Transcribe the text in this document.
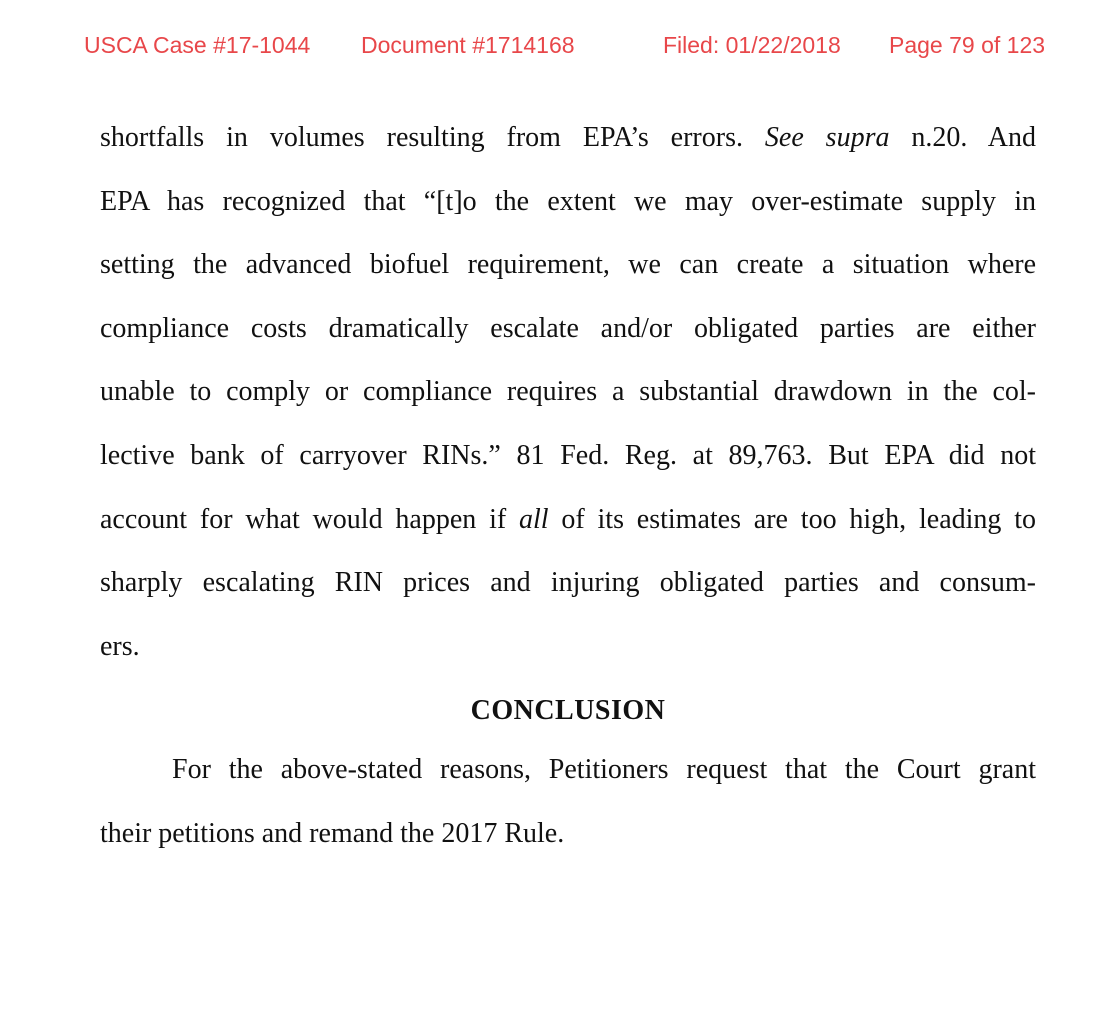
USCA Case #17-1044 Document #1714168	Filed: 01/22/2018 Page 79 of 123
shortfalls in volumes resulting from EPA’s errors. See supra n.20. And
EPA has recognized that “[t]o the extent we may over-estimate supply in
setting the advanced biofuel requirement, we can create a situation where
compliance costs dramatically escalate and/or obligated parties are either
unable to comply or compliance requires a substantial drawdown in the col-
lective bank of carryover RINs.” 81 Fed. Reg. at 89,763. But EPA did not
account for what would happen if all of its estimates are too high, leading to
sharply escalating RIN prices and injuring obligated parties and consum-
ers.
CONCLUSION
For the above-stated reasons, Petitioners request that the Court grant
their petitions and remand the 2017 Rule.
